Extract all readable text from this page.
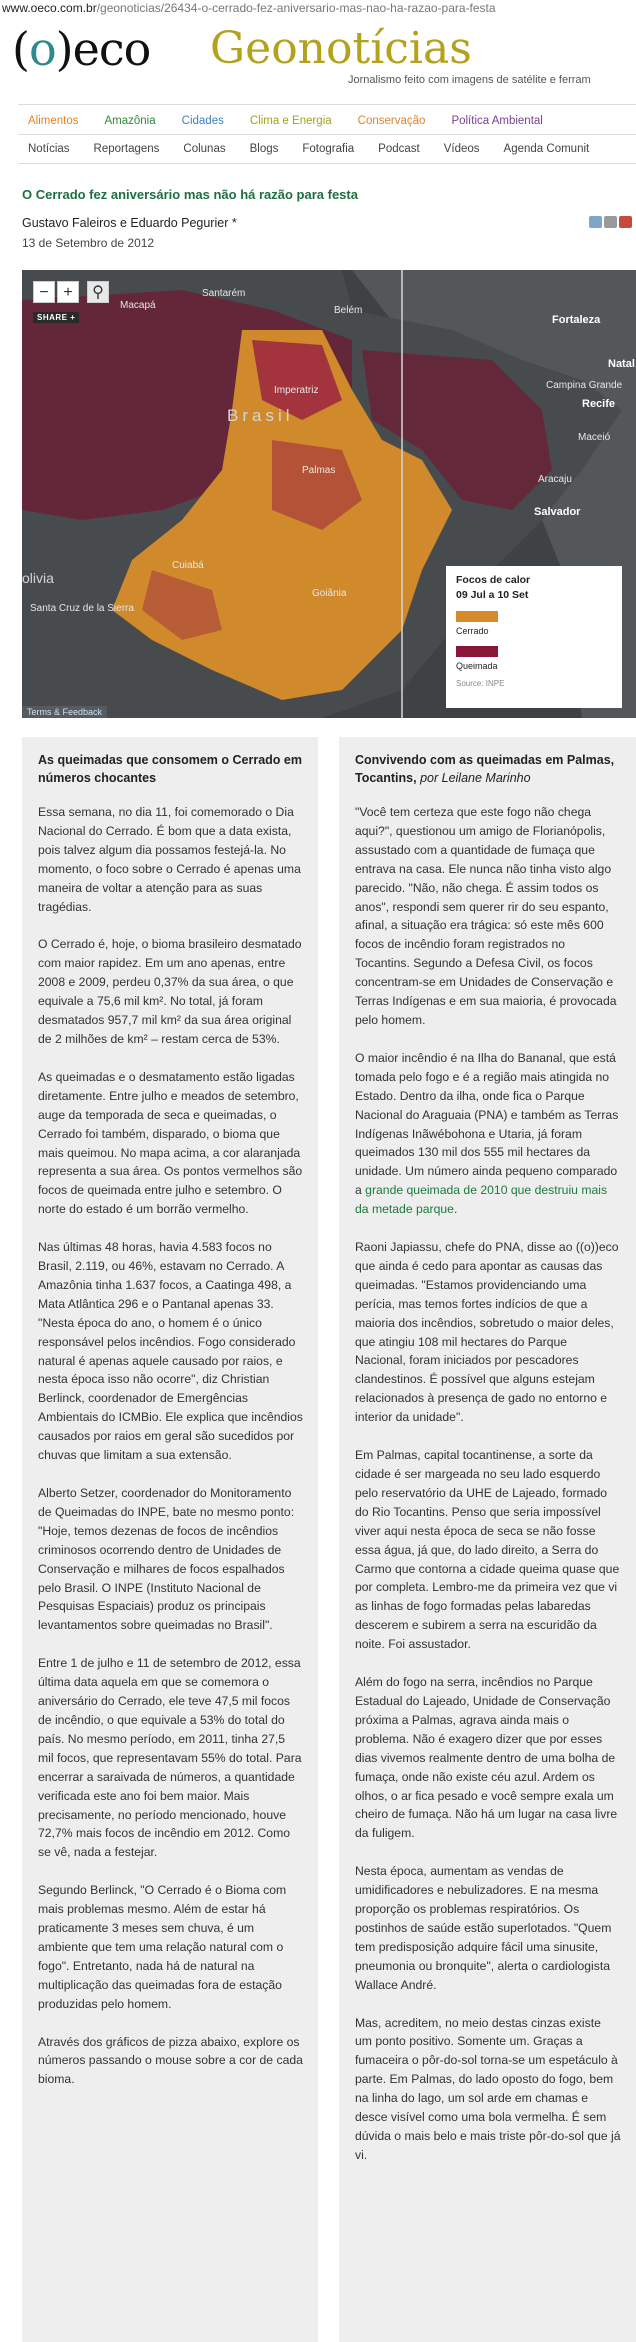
www.oeco.com.br/geonoticias/26434-o-cerrado-fez-aniversario-mas-nao-ha-razao-para-festa
(o)eco Geonotícias
Jornalismo feito com imagens de satélite e ferram
Alimentos Amazônia Cidades Clima e Energia Conservação Política Ambiental
Notícias Reportagens Colunas Blogs Fotografia Podcast Vídeos Agenda Comunit
O Cerrado fez aniversário mas não há razão para festa
Gustavo Faleiros e Eduardo Pegurier *
13 de Setembro de 2012
− +	⚲
SHARE +
Macapá
Santarém
Belém
Fortaleza
Natal
Imperatriz	Campina Grande
Recife
Maceió
Salvador
Aracaju
Palmas
Goiânia
Cuiabá
Santa Cruz de la Sierra
Brasil
olivia	Focos de calor
09 Jul a 10 Set
Cerrado
Queimada
Source: INPE
Terms & Feedback
As queimadas que consomem o Cerrado em números chocantes

Essa semana, no dia 11, foi comemorado o Dia Nacional do Cerrado. É bom que a data exista, pois talvez algum dia possamos festejá-la. No momento, o foco sobre o Cerrado é apenas uma maneira de voltar a atenção para as suas tragédias.

O Cerrado é, hoje, o bioma brasileiro desmatado com maior rapidez. Em um ano apenas, entre 2008 e 2009, perdeu 0,37% da sua área, o que equivale a 75,6 mil km². No total, já foram desmatados 957,7 mil km² da sua área original de 2 milhões de km² – restam cerca de 53%.

As queimadas e o desmatamento estão ligadas diretamente. Entre julho e meados de setembro, auge da temporada de seca e queimadas, o Cerrado foi também, disparado, o bioma que mais queimou. No mapa acima, a cor alaranjada representa a sua área. Os pontos vermelhos são focos de queimada entre julho e setembro. O norte do estado é um borrão vermelho.

Nas últimas 48 horas, havia 4.583 focos no Brasil, 2.119, ou 46%, estavam no Cerrado. A Amazônia tinha 1.637 focos, a Caatinga 498, a Mata Atlântica 296 e o Pantanal apenas 33. "Nesta época do ano, o homem é o único responsável pelos incêndios. Fogo considerado natural é apenas aquele causado por raios, e nesta época isso não ocorre", diz Christian Berlinck, coordenador de Emergências Ambientais do ICMBio. Ele explica que incêndios causados por raios em geral são sucedidos por chuvas que limitam a sua extensão.

Alberto Setzer, coordenador do Monitoramento de Queimadas do INPE, bate no mesmo ponto: "Hoje, temos dezenas de focos de incêndios criminosos ocorrendo dentro de Unidades de Conservação e milhares de focos espalhados pelo Brasil. O INPE (Instituto Nacional de Pesquisas Espaciais) produz os principais levantamentos sobre queimadas no Brasil".

Entre 1 de julho e 11 de setembro de 2012, essa última data aquela em que se comemora o aniversário do Cerrado, ele teve 47,5 mil focos de incêndio, o que equivale a 53% do total do país. No mesmo período, em 2011, tinha 27,5 mil focos, que representavam 55% do total. Para encerrar a saraivada de números, a quantidade verificada este ano foi bem maior. Mais precisamente, no período mencionado, houve 72,7% mais focos de incêndio em 2012. Como se vê, nada a festejar.

Segundo Berlinck, "O Cerrado é o Bioma com mais problemas mesmo. Além de estar há praticamente 3 meses sem chuva, é um ambiente que tem uma relação natural com o fogo". Entretanto, nada há de natural na multiplicação das queimadas fora de estação produzidas pelo homem.

Através dos gráficos de pizza abaixo, explore os números passando o mouse sobre a cor de cada bioma.

Convivendo com as queimadas em Palmas, Tocantins, por Leilane Marinho

"Você tem certeza que este fogo não chega aqui?", questionou um amigo de Florianópolis, assustado com a quantidade de fumaça que entrava na casa. Ele nunca não tinha visto algo parecido. "Não, não chega. É assim todos os anos", respondi sem querer rir do seu espanto, afinal, a situação era trágica: só este mês 600 focos de incêndio foram registrados no Tocantins. Segundo a Defesa Civil, os focos concentram-se em Unidades de Conservação e Terras Indígenas e em sua maioria, é provocada pelo homem.

O maior incêndio é na Ilha do Bananal, que está tomada pelo fogo e é a região mais atingida no Estado. Dentro da ilha, onde fica o Parque Nacional do Araguaia (PNA) e também as Terras Indígenas Inãwébohona e Utaria, já foram queimados 130 mil dos 555 mil hectares da unidade. Um número ainda pequeno comparado a grande queimada de 2010 que destruiu mais da metade parque.

Raoni Japiassu, chefe do PNA, disse ao ((o))eco que ainda é cedo para apontar as causas das queimadas. "Estamos providenciando uma perícia, mas temos fortes indícios de que a maioria dos incêndios, sobretudo o maior deles, que atingiu 108 mil hectares do Parque Nacional, foram iniciados por pescadores clandestinos. É possível que alguns estejam relacionados à presença de gado no entorno e interior da unidade".

Em Palmas, capital tocantinense, a sorte da cidade é ser margeada no seu lado esquerdo pelo reservatório da UHE de Lajeado, formado do Rio Tocantins. Penso que seria impossível viver aqui nesta época de seca se não fosse essa água, já que, do lado direito, a Serra do Carmo que contorna a cidade queima quase que por completa. Lembro-me da primeira vez que vi as linhas de fogo formadas pelas labaredas descerem e subirem a serra na escuridão da noite. Foi assustador.

Além do fogo na serra, incêndios no Parque Estadual do Lajeado, Unidade de Conservação próxima a Palmas, agrava ainda mais o problema. Não é exagero dizer que por esses dias vivemos realmente dentro de uma bolha de fumaça, onde não existe céu azul. Ardem os olhos, o ar fica pesado e você sempre exala um cheiro de fumaça. Não há um lugar na casa livre da fuligem.

Nesta época, aumentam as vendas de umidificadores e nebulizadores. E na mesma proporção os problemas respiratórios. Os postinhos de saúde estão superlotados. "Quem tem predisposição adquire fácil uma sinusite, pneumonia ou bronquite", alerta o cardiologista Wallace André.

Mas, acreditem, no meio destas cinzas existe um ponto positivo. Somente um. Graças a fumaceira o pôr-do-sol torna-se um espetáculo à parte. Em Palmas, do lado oposto do fogo, bem na linha do lago, um sol arde em chamas e desce visível como uma bola vermelha. É sem dúvida o mais belo e mais triste pôr-do-sol que já vi.
